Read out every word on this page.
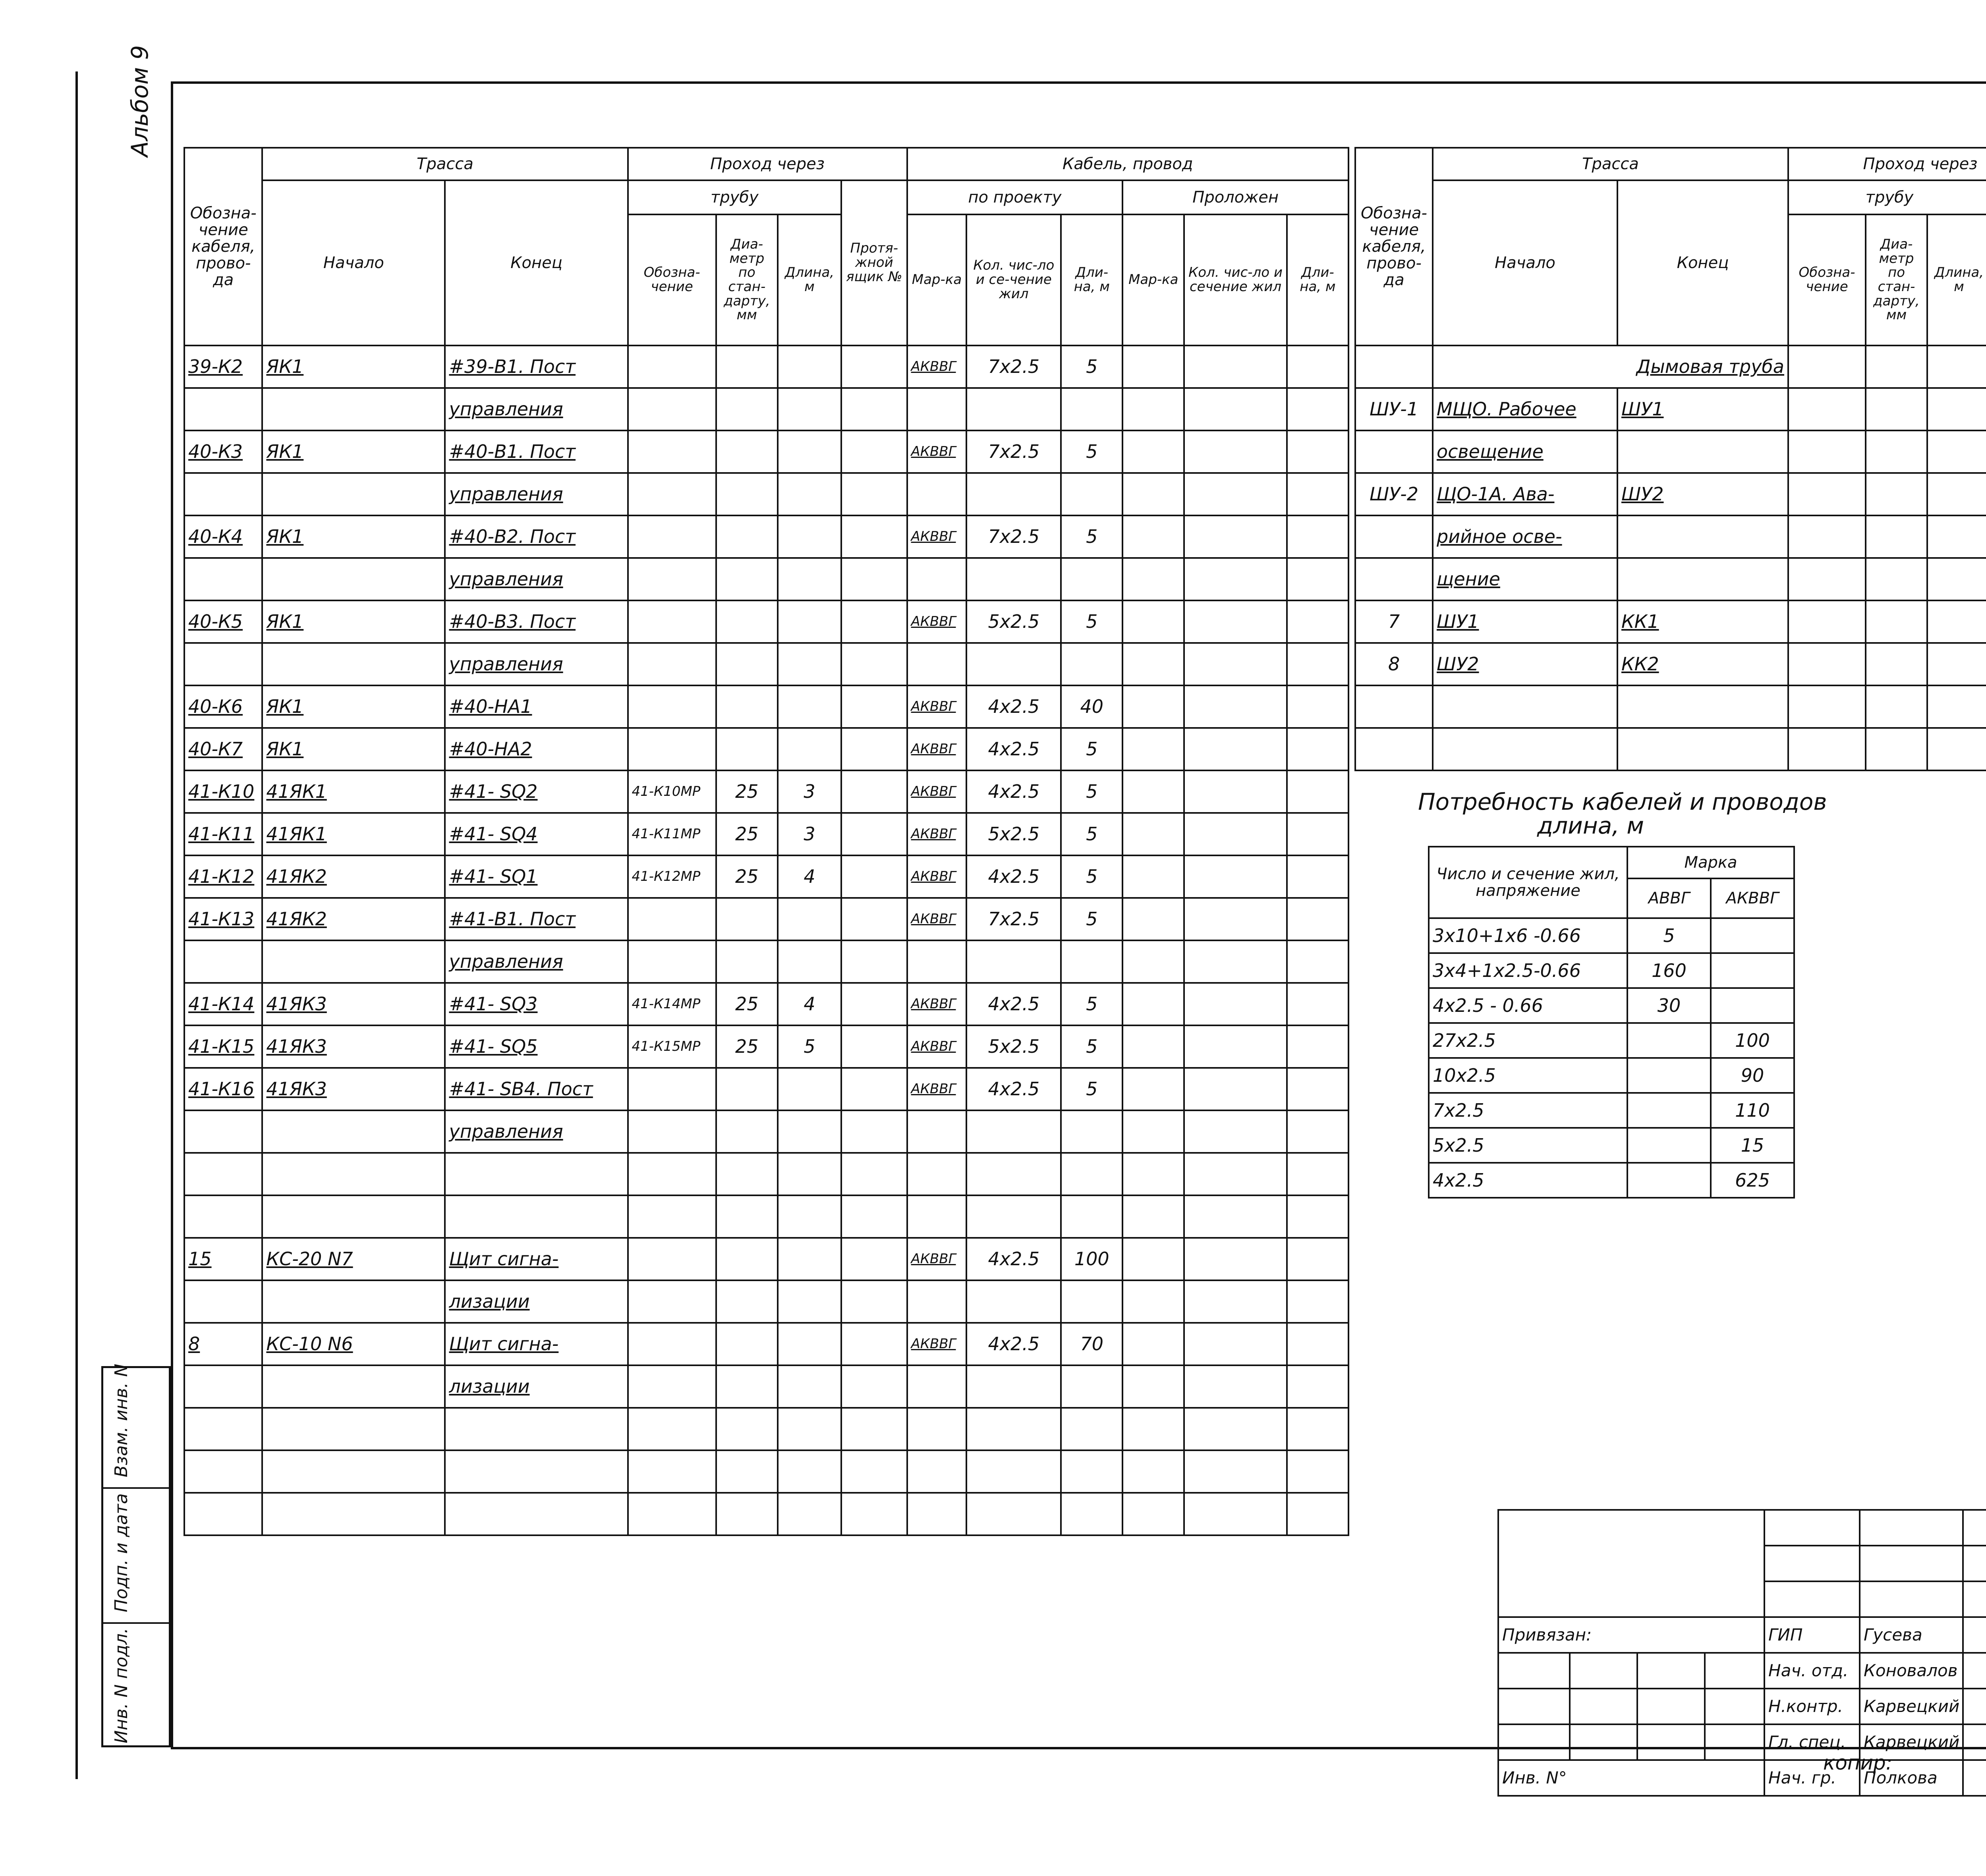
Альбом 9
Обозна-чение кабеля, прово-да	Трасса		Проход через				Кабель, провод					
	Начало	Конец	трубу			Протя-жной ящик №	по проекту			Проложен		
			Обозна-чение	Диа-метр по стан-дарту, мм	Длина, м		Мар-ка	Кол. чис-ло и се-чение жил	Дли-на, м	Мар-ка	Кол. чис-ло и сечение жил	Дли-на, м
39-К2	ЯК1	#39-В1. Пост					АКВВГ	7х2.5	5			
		управления										
40-К3	ЯК1	#40-В1. Пост					АКВВГ	7х2.5	5			
		управления										
40-К4	ЯК1	#40-В2. Пост					АКВВГ	7х2.5	5			
		управления										
40-К5	ЯК1	#40-В3. Пост					АКВВГ	5х2.5	5			
		управления										
40-К6	ЯК1	#40-НА1					АКВВГ	4х2.5	40			
40-К7	ЯК1	#40-НА2					АКВВГ	4х2.5	5			
41-К10	41ЯК1	#41- SQ2	41-К10МР	25	3		АКВВГ	4х2.5	5			
41-К11	41ЯК1	#41- SQ4	41-К11МР	25	3		АКВВГ	5х2.5	5			
41-К12	41ЯК2	#41- SQ1	41-К12МР	25	4		АКВВГ	4х2.5	5			
41-К13	41ЯК2	#41-В1. Пост					АКВВГ	7х2.5	5			
		управления										
41-К14	41ЯК3	#41- SQ3	41-К14МР	25	4		АКВВГ	4х2.5	5			
41-К15	41ЯК3	#41- SQ5	41-К15МР	25	5		АКВВГ	5х2.5	5			
41-К16	41ЯК3	#41- SВ4. Пост					АКВВГ	4х2.5	5			
		управления										

15	КС-20 N7	Щит сигна-					АКВВГ	4х2.5	100			
		лизации										
8	КС-10 N6	Щит сигна-					АКВВГ	4х2.5	70			
		лизации										

Обозна-чение кабеля, прово-да	Трасса		Проход через	
	Начало	Конец	трубу			
			Обозна-чение	Диа-метр по стан-дарту, мм	Длина, м						
	Дымовая труба											
ШУ-1	МЩО. Рабочее	ШУ1										
	освещение											
ШУ-2	ЩО-1А. Ава-	ШУ2										
	рийное осве-											
	щение											
7	ШУ1	КК1										
8	ШУ2	КК2										

Потребность кабелей и проводов
длина, м
Число и сечение жил, напряжение	Марка	
	АВВГ	АКВВГ
3х10+1х6 -0.66	5	
3х4+1х2.5-0.66	160	
4х2.5 - 0.66	30	
27х2.5		100
10х2.5		90
7х2.5		110
5х2.5		15
4х2.5		625

Инв. N подл.
Подп. и дата
Взам. инв. N

Привязан:				ГИП	Гусева	
				Нач. отд.	Коновалов	
				Н.контр.	Карвецкий	
				Гл. спец.	Карвецкий	
Инв. N°				Нач. гр.	Полкова	
копир:
